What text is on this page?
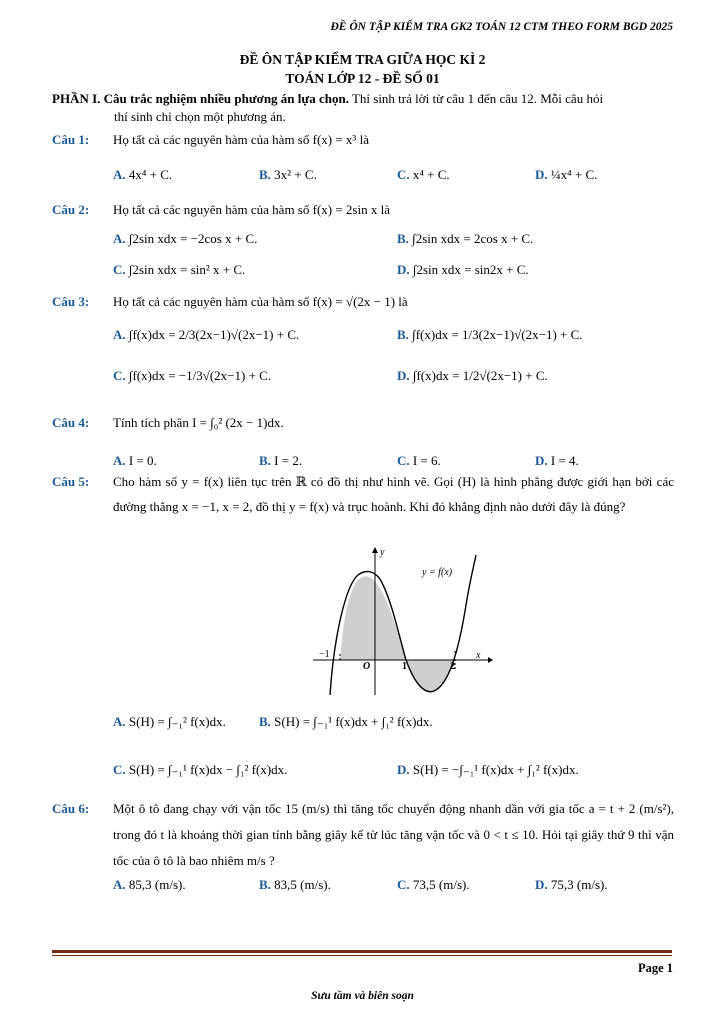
ĐỀ ÔN TẬP KIỂM TRA GK2 TOÁN 12 CTM THEO FORM BGD 2025
ĐỀ ÔN TẬP KIỂM TRA GIỮA HỌC KÌ 2
TOÁN LỚP 12 - ĐỀ SỐ 01
PHẦN I. Câu trắc nghiệm nhiều phương án lựa chọn. Thí sinh trả lời từ câu 1 đến câu 12. Mỗi câu hỏi
thí sinh chỉ chọn một phương án.
Câu 1: Họ tất cả các nguyên hàm của hàm số f(x) = x³ là
A. 4x⁴ + C.	B. 3x² + C.	C. x⁴ + C.	D. ¼x⁴ + C.
Câu 2: Họ tất cả các nguyên hàm của hàm số f(x) = 2sin x là
A. ∫2sin xdx = −2cos x + C.	B. ∫2sin xdx = 2cos x + C.
C. ∫2sin xdx = sin² x + C.	D. ∫2sin xdx = sin2x + C.
Câu 3: Họ tất cả các nguyên hàm của hàm số f(x) = √(2x − 1) là
A. ∫f(x)dx = 2/3(2x−1)√(2x−1) + C.	B. ∫f(x)dx = 1/3(2x−1)√(2x−1) + C.
C. ∫f(x)dx = −1/3√(2x−1) + C.	D. ∫f(x)dx = 1/2√(2x−1) + C.
Câu 4: Tính tích phân I = ∫₀² (2x − 1)dx.
A. I = 0.	B. I = 2.	C. I = 6.	D. I = 4.
Câu 5: Cho hàm số y = f(x) liên tục trên ℝ có đồ thị như hình vẽ. Gọi (H) là hình phẳng được giới hạn bởi các đường thẳng x = −1, x = 2, đồ thị y = f(x) và trục hoành. Khi đó khẳng định nào dưới đây là đúng?
y
x
y = f(x)
−1
O	1	2
A. S(H) = ∫₋₁² f(x)dx.	B. S(H) = ∫₋₁¹ f(x)dx + ∫₁² f(x)dx.
C. S(H) = ∫₋₁¹ f(x)dx − ∫₁² f(x)dx.	D. S(H) = −∫₋₁¹ f(x)dx + ∫₁² f(x)dx.
Câu 6: Một ô tô đang chạy với vận tốc 15 (m/s) thì tăng tốc chuyển động nhanh dần với gia tốc a = t + 2 (m/s²), trong đó t là khoảng thời gian tính bằng giây kể từ lúc tăng vận tốc và 0 < t ≤ 10. Hỏi tại giây thứ 9 thì vận tốc của ô tô là bao nhiêm m/s ?
A. 85,3 (m/s).	B. 83,5 (m/s).	C. 73,5 (m/s).	D. 75,3 (m/s).
Page 1
Sưu tầm và biên soạn
